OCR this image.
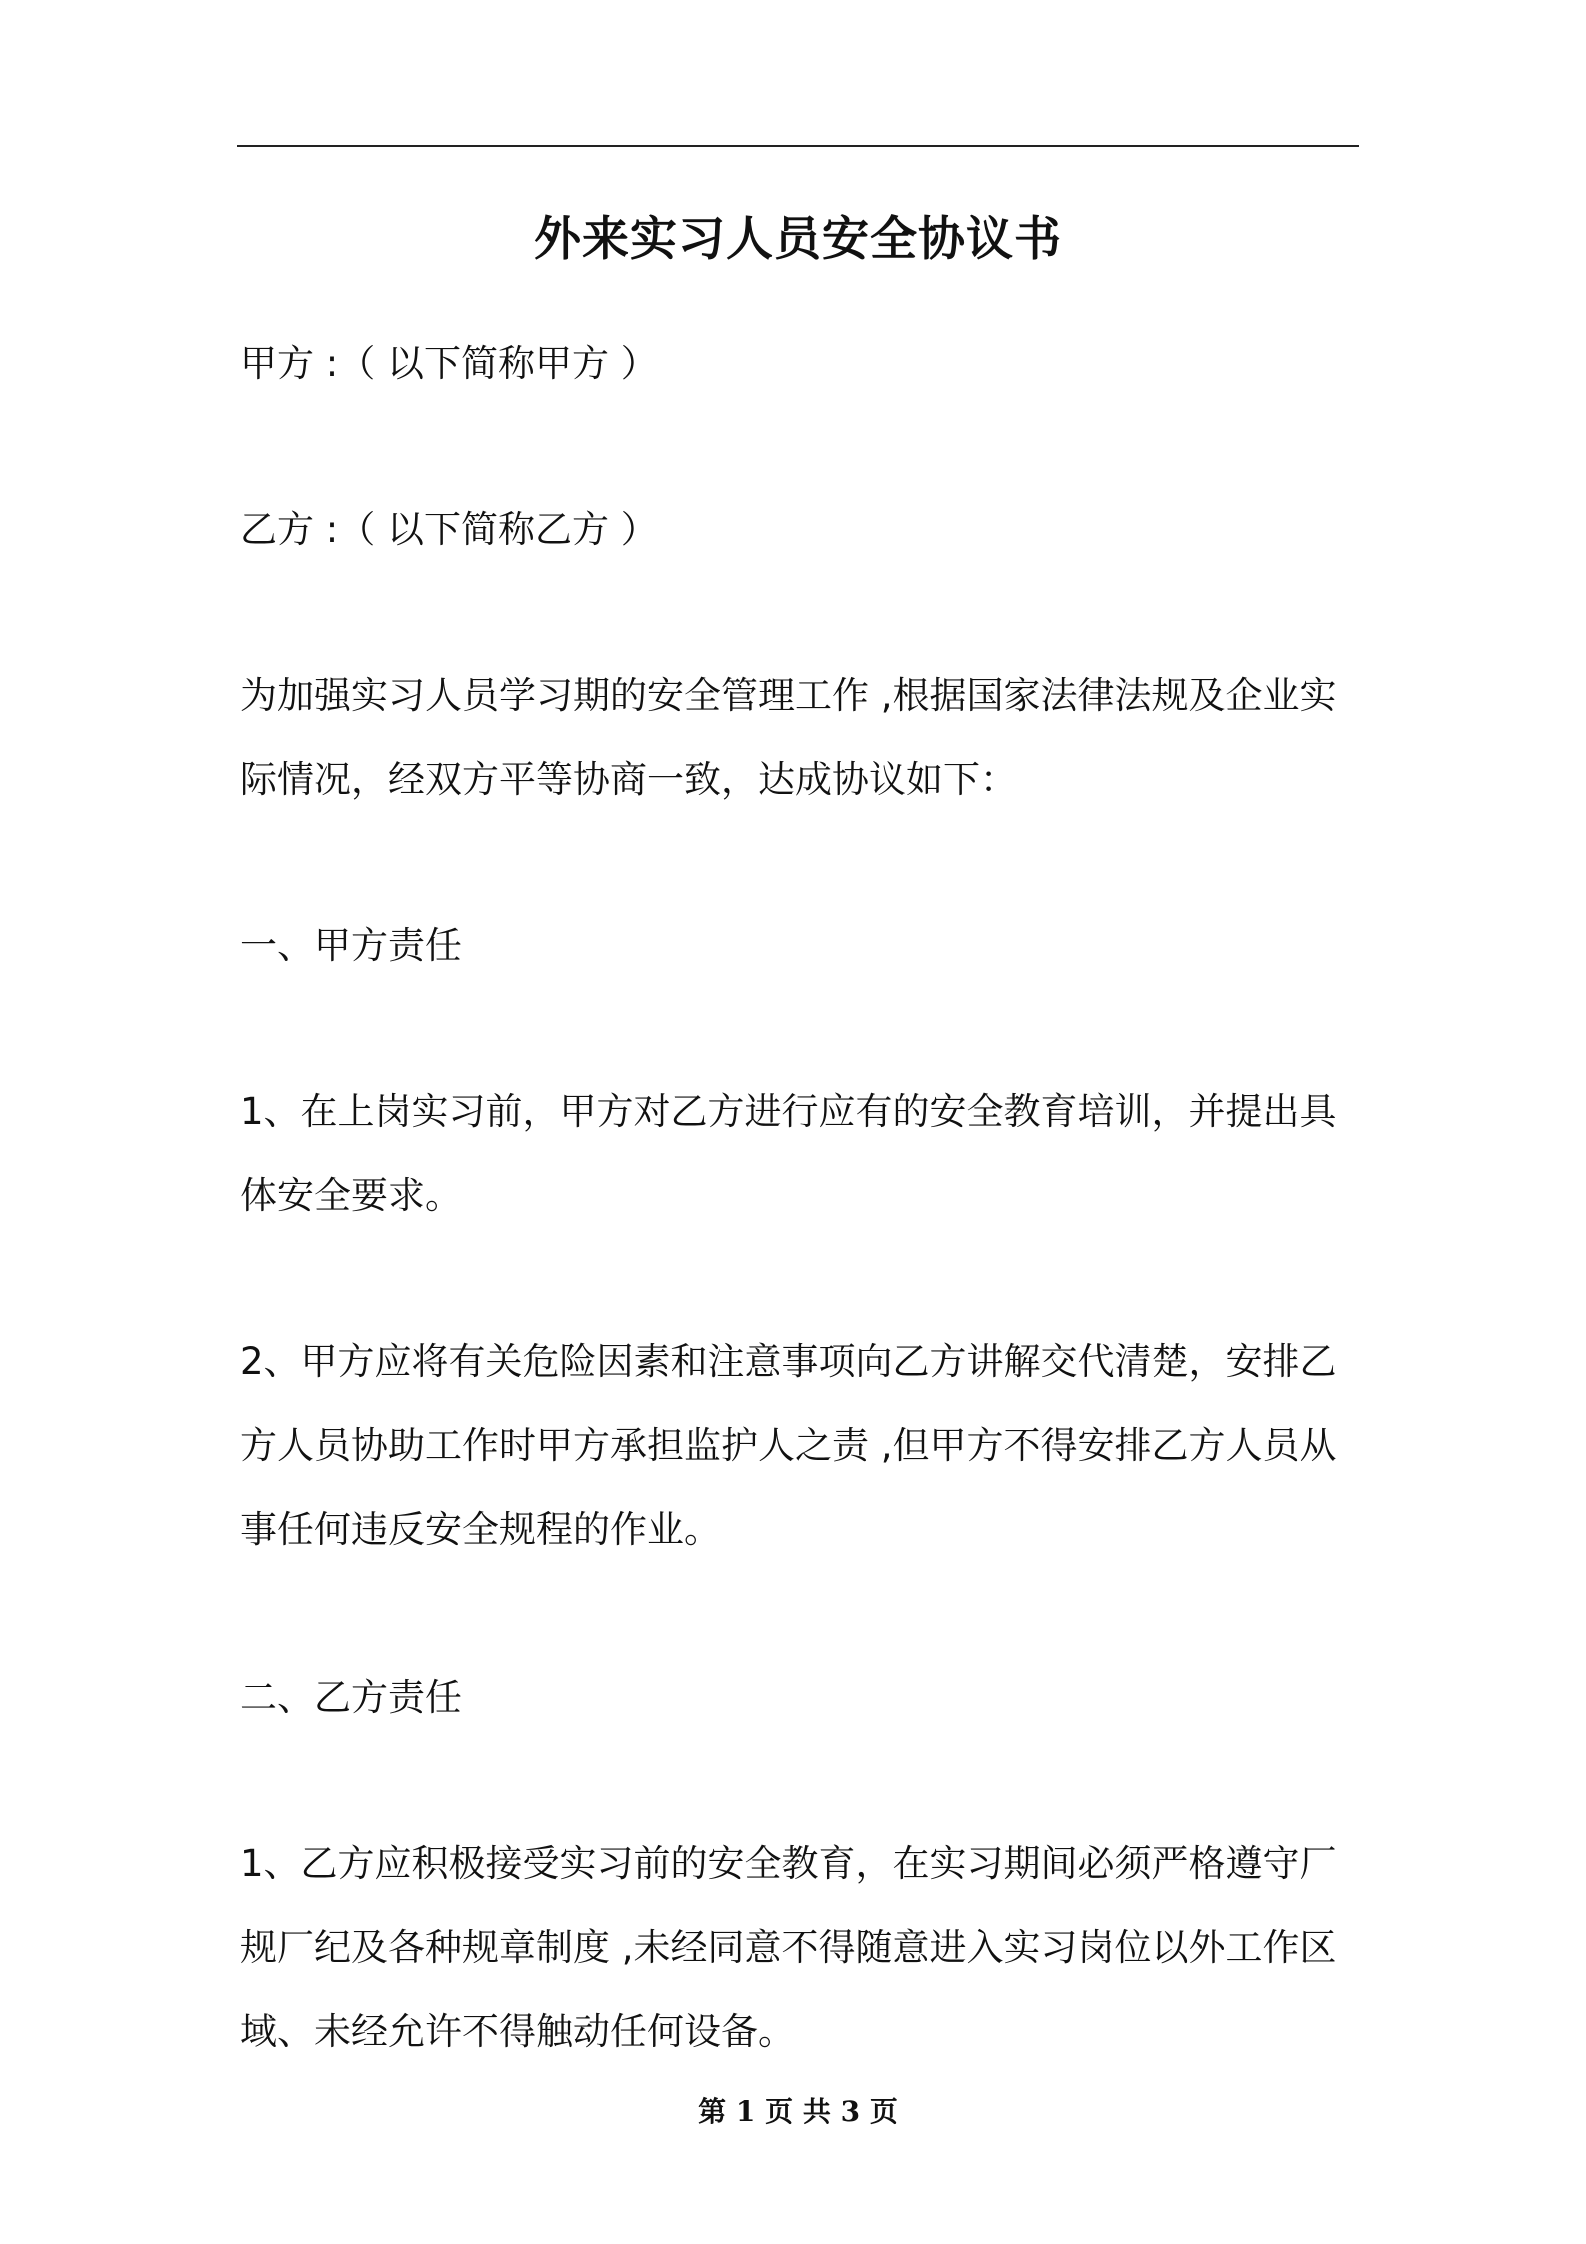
外来实习人员安全协议书

甲方 :（ 以下简称甲方 ）

乙方 :（ 以下简称乙方 ）

为加强实习人员学习期的安全管理工作 ,根据国家法律法规及企业实
际情况，经双方平等协商一致，达成协议如下：

一、甲方责任

1、在上岗实习前，甲方对乙方进行应有的安全教育培训，并提出具
体安全要求。

2、甲方应将有关危险因素和注意事项向乙方讲解交代清楚，安排乙
方人员协助工作时甲方承担监护人之责 ,但甲方不得安排乙方人员从
事任何违反安全规程的作业。

二、乙方责任

1、乙方应积极接受实习前的安全教育，在实习期间必须严格遵守厂
规厂纪及各种规章制度 ,未经同意不得随意进入实习岗位以外工作区
域、未经允许不得触动任何设备。

第 1 页 共 3 页
